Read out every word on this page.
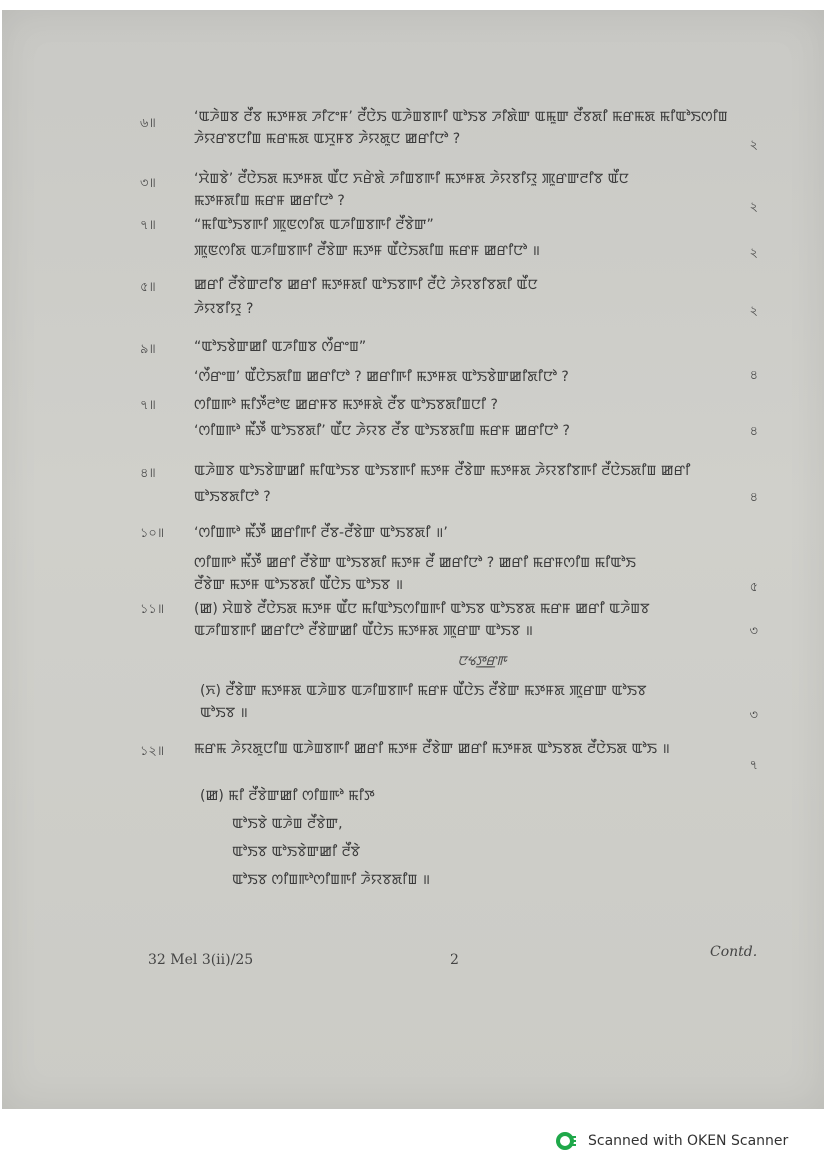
৬॥	‘ꯑꯍꯥꯡꯕ ꯂꯩꯕ ꯃꯇꯝꯗ ꯍꯤꯖꯦꯝ’ ꯂꯩꯅꯥꯏ ꯑꯍꯥꯡꯕꯒꯤ ꯑꯣꯏꯕ ꯍꯤꯗꯥꯛ ꯑꯃꯨꯛ ꯂꯩꯕꯗꯤ ꯃꯔꯃꯗ ꯃꯤꯑꯣꯏꯁꯤꯡ
ꯍꯥꯌꯔꯕꯅꯤꯡ ꯃꯔꯃꯗ ꯑꯆꯨꯝꯕ ꯍꯥꯌꯗꯨꯅ ꯀꯔꯤꯅꯣ ?	২
৩॥	‘ꯆꯥꯡꯕꯥ’ ꯂꯩꯅꯥꯏꯗ ꯃꯇꯝꯗ ꯑꯩꯅ ꯈꯔꯥꯗꯥ ꯍꯤꯡꯕꯒꯤ ꯃꯇꯝꯗ ꯍꯥꯌꯕꯤꯌꯨ ꯄꯨꯔꯛꯂꯤꯕ ꯑꯩꯅ
ꯃꯇꯝꯗꯤꯡ ꯃꯔꯝ ꯀꯔꯤꯅꯣ ?	২
৭॥	“ꯃꯤꯑꯣꯏꯕꯒꯤ ꯄꯨꯟꯁꯤꯗ ꯑꯍꯤꯡꯕꯒꯤ ꯂꯩꯕꯥꯛ”
ꯄꯨꯟꯁꯤꯗ ꯑꯍꯤꯡꯕꯒꯤ ꯂꯩꯕꯥꯛ ꯃꯇꯝ ꯑꯩꯅꯥꯏꯗꯤꯡ ꯃꯔꯝ ꯀꯔꯤꯅꯣ ॥	২
৫॥	ꯀꯔꯤ ꯂꯩꯕꯥꯛꯂꯤꯕ ꯀꯔꯤ ꯃꯇꯝꯗꯤ ꯑꯣꯏꯕꯒꯤ ꯂꯩꯅꯥ ꯍꯥꯌꯕꯤꯕꯗꯤ ꯑꯩꯅ
ꯍꯥꯌꯕꯤꯌꯨ ?	২
৯॥	“ꯑꯣꯏꯕꯥꯛꯀꯤ ꯑꯍꯤꯡꯕ ꯁꯩꯔꯦꯡ”
‘ꯁꯩꯔꯦꯡ’ ꯑꯩꯅꯥꯏꯗꯤꯡ ꯀꯔꯤꯅꯣ ? ꯀꯔꯤꯒꯤ ꯃꯇꯝꯗ ꯑꯣꯏꯕꯥꯛꯀꯤꯗꯤꯅꯣ ?	৪
৭॥	ꯁꯤꯡꯒꯣ ꯃꯤꯇꯩꯂꯣꯟ ꯀꯔꯝꯕ ꯃꯇꯝꯗꯥ ꯂꯩꯕ ꯑꯣꯏꯕꯗꯤꯡꯅꯤ ?
‘ꯁꯤꯡꯒꯣ ꯃꯩꯇꯩ ꯑꯣꯏꯕꯗꯤ’ ꯑꯩꯅ ꯍꯥꯌꯕ ꯂꯩꯕ ꯑꯣꯏꯕꯗꯤꯡ ꯃꯔꯝ ꯀꯔꯤꯅꯣ ?	৪
৪॥	ꯑꯍꯥꯡꯕ ꯑꯣꯏꯕꯥꯛꯀꯤ ꯃꯤꯑꯣꯏꯕ ꯑꯣꯏꯕꯒꯤ ꯃꯇꯝ ꯂꯩꯕꯥꯛ ꯃꯇꯝꯗ ꯍꯥꯌꯕꯤꯕꯒꯤ ꯂꯩꯅꯥꯏꯗꯤꯡ ꯀꯔꯤ
ꯑꯣꯏꯕꯗꯤꯅꯣ ?	৪
১০॥	‘ꯁꯤꯡꯒꯣ ꯃꯩꯇꯩ ꯀꯔꯤꯒꯤ ꯂꯩꯕ-ꯂꯩꯕꯥꯛ ꯑꯣꯏꯕꯗꯤ ॥’
ꯁꯤꯡꯒꯣ ꯃꯩꯇꯩ ꯀꯔꯤ ꯂꯩꯕꯥꯛ ꯑꯣꯏꯕꯗꯤ ꯃꯇꯝ ꯂꯩ ꯀꯔꯤꯅꯣ ? ꯀꯔꯤ ꯃꯔꯝꯁꯤꯡ ꯃꯤꯑꯣꯏ
ꯂꯩꯕꯥꯛ ꯃꯇꯝ ꯑꯣꯏꯕꯗꯤ ꯑꯩꯅꯥꯏ ꯑꯣꯏꯕ ॥	৫
১১॥	(ꯀ) ꯆꯥꯡꯕꯥ ꯂꯩꯅꯥꯏꯗ ꯃꯇꯝ ꯑꯩꯅ ꯃꯤꯑꯣꯏꯁꯤꯡꯒꯤ ꯑꯣꯏꯕ ꯑꯣꯏꯕꯗ ꯃꯔꯝ ꯀꯔꯤ ꯑꯍꯥꯡꯕ
ꯑꯍꯤꯡꯕꯒꯤ ꯀꯔꯤꯅꯣ ꯂꯩꯕꯥꯛꯀꯤ ꯑꯩꯅꯥꯏ ꯃꯇꯝꯗ ꯄꯨꯔꯛ ꯑꯣꯏꯕ ॥	৩
ꯅꯠꯇ꯭ꯔꯒ
(ꯈ) ꯂꯩꯕꯥꯛ ꯃꯇꯝꯗ ꯑꯍꯥꯡꯕ ꯑꯍꯤꯡꯕꯒꯤ ꯃꯔꯝ ꯑꯩꯅꯥꯏ ꯂꯩꯕꯥꯛ ꯃꯇꯝꯗ ꯄꯨꯔꯛ ꯑꯣꯏꯕ
ꯑꯣꯏꯕ ॥	৩
১২॥	ꯃꯔꯃ ꯍꯥꯌꯗꯨꯅꯤꯡ ꯑꯍꯥꯡꯕꯒꯤ ꯀꯔꯤ ꯃꯇꯝ ꯂꯩꯕꯥꯛ ꯀꯔꯤ ꯃꯇꯝꯗ ꯑꯣꯏꯕꯗ ꯂꯩꯅꯥꯏꯗ ꯑꯣꯏ ॥
৭
(ꯀ) ꯃꯤ ꯂꯩꯕꯥꯛꯀꯤ ꯁꯤꯡꯒꯣ ꯃꯤꯇ
ꯑꯣꯏꯕꯥ ꯑꯍꯥꯡ ꯂꯩꯕꯥꯛ,
ꯑꯣꯏꯕ ꯑꯣꯏꯕꯥꯛꯀꯤ ꯂꯩꯕꯥ
ꯑꯣꯏꯕ ꯁꯤꯡꯒꯣꯁꯤꯡꯒꯤ ꯍꯥꯌꯕꯗꯤꯡ ॥
32 Mel 3(ii)/25	2	Contd.
Scanned with OKEN Scanner
